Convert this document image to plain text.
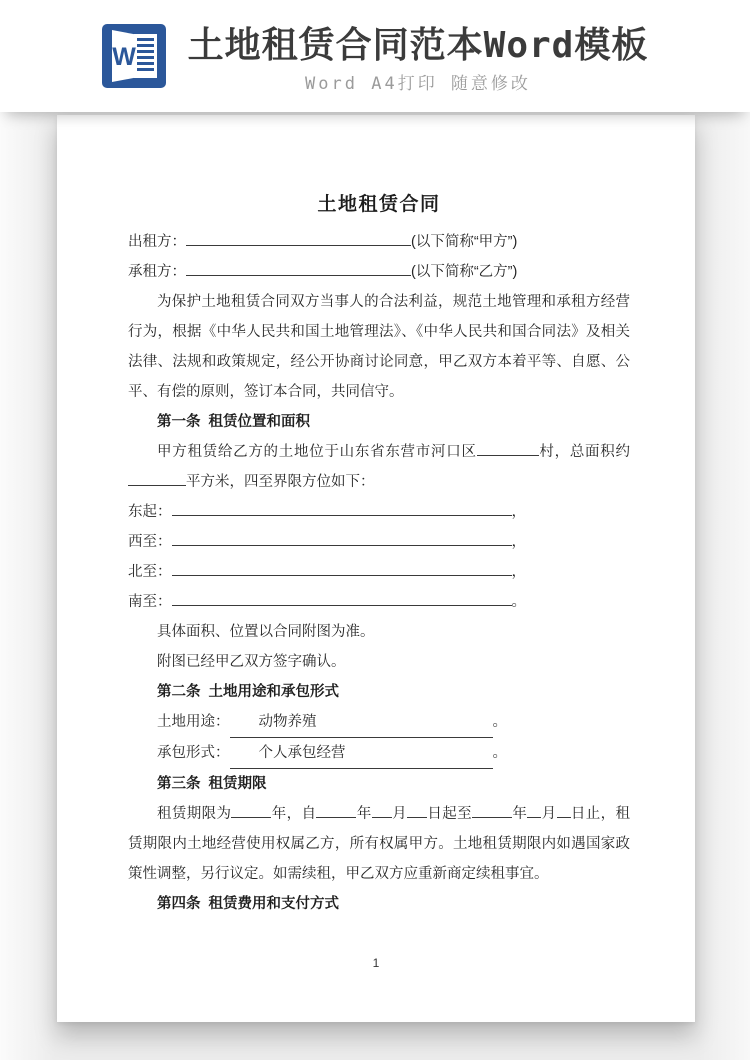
W 土地租赁合同范本Word模板
Word A4打印 随意修改
土地租赁合同
出租方：	(以下简称“甲方”)
承租方：	(以下简称“乙方”)

为保护土地租赁合同双方当事人的合法利益，规范土地管理和承租方经营行为，根据《中华人民共和国土地管理法》、《中华人民共和国合同法》及相关法律、法规和政策规定，经公开协商讨论同意，甲乙双方本着平等、自愿、公平、有偿的原则，签订本合同，共同信守。

第一条  租赁位置和面积

甲方租赁给乙方的土地位于山东省东营市河口区	村，总面积约平方米，四至界限方位如下：

东起：	，
西至：	，
北至：	，
南至：	。
具体面积、位置以合同附图为准。
附图已经甲乙双方签字确认。
第二条  土地用途和承包形式
土地用途： 动物养殖	。
承包形式： 个人承包经营	。
第三条  租赁期限

租赁期限为	年，自	年 月 日起至	年 月 日止，租赁期限内土地经营使用权属乙方，所有权属甲方。土地租赁期限内如遇国家政策性调整，另行议定。如需续租，甲乙双方应重新商定续租事宜。

第四条  租赁费用和支付方式
1
